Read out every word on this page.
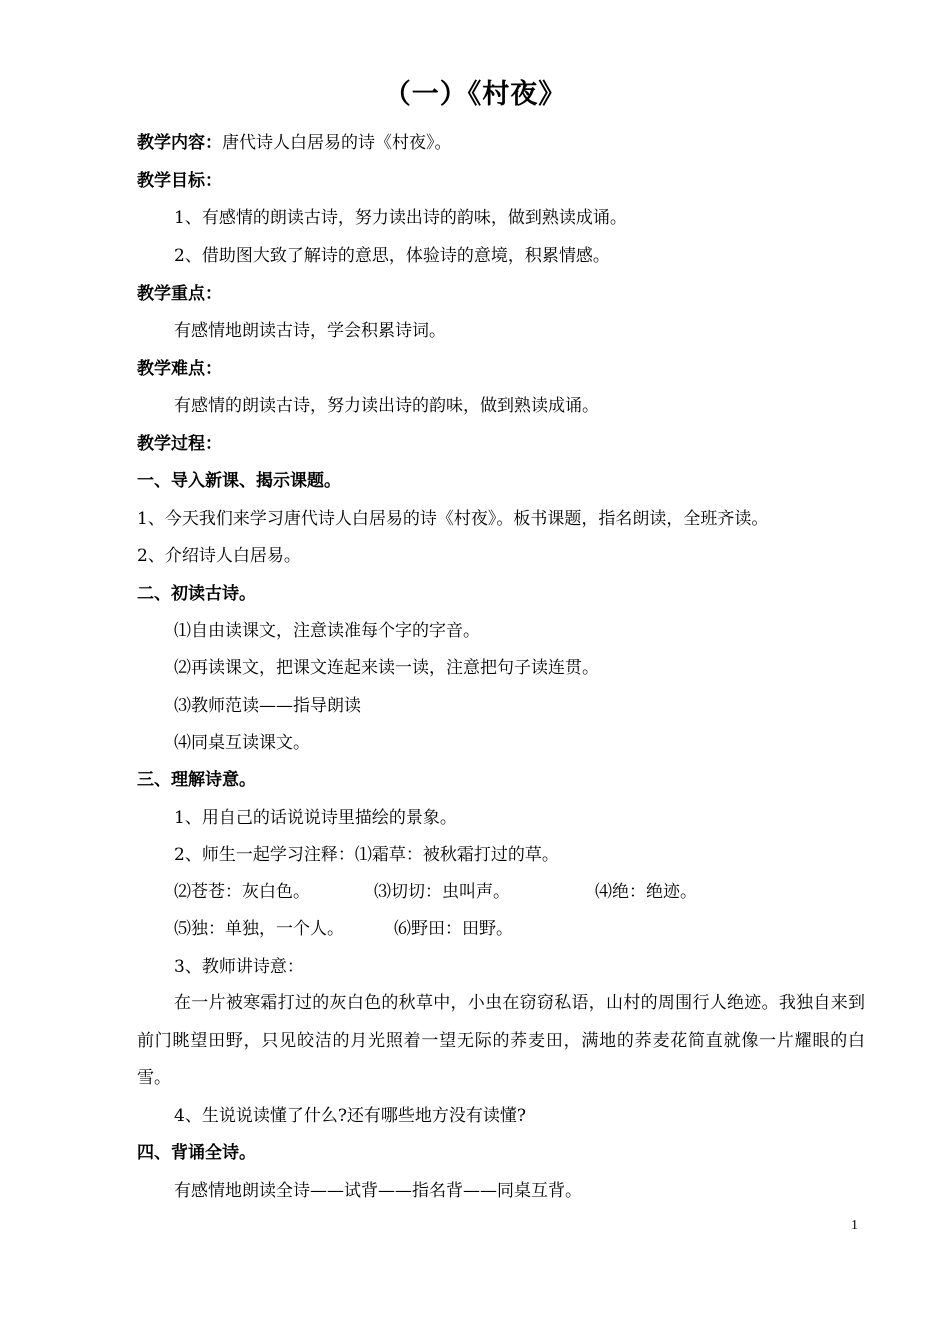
（一）《村夜》
教学内容：唐代诗人白居易的诗《村夜》。
教学目标：
1、有感情的朗读古诗，努力读出诗的韵味，做到熟读成诵。
2、借助图大致了解诗的意思，体验诗的意境，积累情感。
教学重点：
有感情地朗读古诗，学会积累诗词。
教学难点：
有感情的朗读古诗，努力读出诗的韵味，做到熟读成诵。
教学过程：
一、导入新课、揭示课题。
1、今天我们来学习唐代诗人白居易的诗《村夜》。板书课题，指名朗读，全班齐读。
2、介绍诗人白居易。
二、初读古诗。
⑴自由读课文，注意读准每个字的字音。
⑵再读课文，把课文连起来读一读，注意把句子读连贯。
⑶教师范读——指导朗读
⑷同桌互读课文。
三、理解诗意。
1、用自己的话说说诗里描绘的景象。
2、师生一起学习注释：⑴霜草：被秋霜打过的草。
⑵苍苍：灰白色。	⑶切切：虫叫声。	⑷绝：绝迹。
⑸独：单独，一个人。	⑹野田：田野。
3、教师讲诗意：
在一片被寒霜打过的灰白色的秋草中，小虫在窃窃私语，山村的周围行人绝迹。我独自来到前门眺望田野，只见皎洁的月光照着一望无际的荞麦田，满地的荞麦花简直就像一片耀眼的白雪。
4、生说说读懂了什么?还有哪些地方没有读懂?
四、背诵全诗。
有感情地朗读全诗——试背——指名背——同桌互背。
1
